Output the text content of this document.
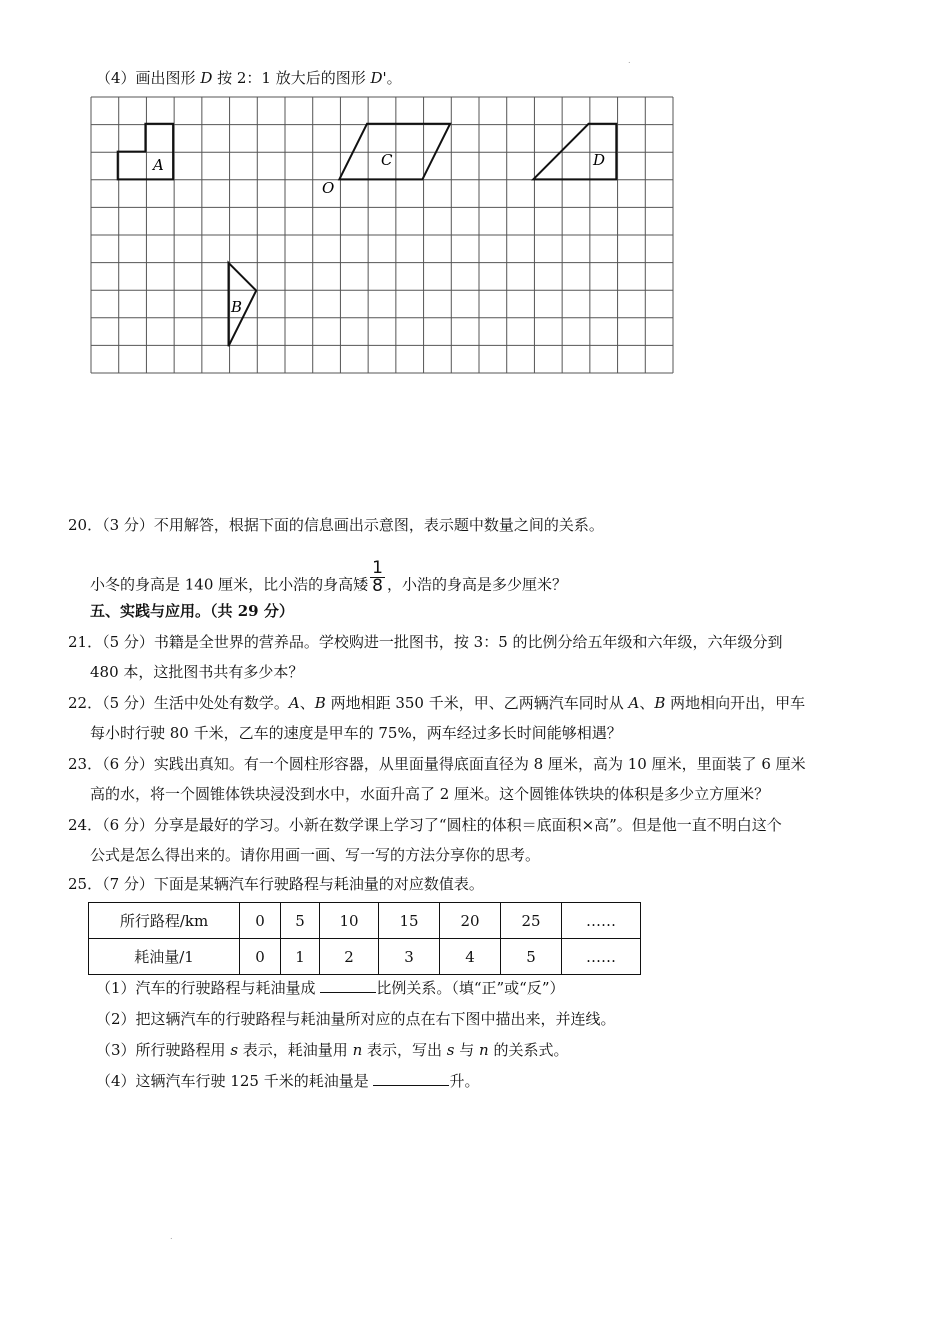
（4）画出图形 D 按 2：1 放大后的图形 D'。
A	C	D
B
O
20．（3 分）不用解答，根据下面的信息画出示意图，表示题中数量之间的关系。
小冬的身高是 140 厘米，比小浩的身高矮 $\frac{1}{8}$ ，小浩的身高是多少厘米？
五、实践与应用。（共 29 分）
21．（5 分）书籍是全世界的营养品。学校购进一批图书，按 3：5 的比例分给五年级和六年级，六年级分到
480 本，这批图书共有多少本？
22．（5 分）生活中处处有数学。A、B 两地相距 350 千米，甲、乙两辆汽车同时从 A、B 两地相向开出，甲车
每小时行驶 80 千米，乙车的速度是甲车的 75%，两车经过多长时间能够相遇？
23．（6 分）实践出真知。有一个圆柱形容器，从里面量得底面直径为 8 厘米，高为 10 厘米，里面装了 6 厘米
高的水，将一个圆锥体铁块浸没到水中，水面升高了 2 厘米。这个圆锥体铁块的体积是多少立方厘米？
24．（6 分）分享是最好的学习。小新在数学课上学习了“圆柱的体积＝底面积×高”。但是他一直不明白这个
公式是怎么得出来的。请你用画一画、写一写的方法分享你的思考。
25．（7 分）下面是某辆汽车行驶路程与耗油量的对应数值表。
所行路程/km	0	5	10	15	20	25	……
耗油量/1	0	1	2	3	4	5	……
（1）汽车的行驶路程与耗油量成	比例关系。（填“正”或“反”）
（2）把这辆汽车的行驶路程与耗油量所对应的点在右下图中描出来，并连线。
（3）所行驶路程用 s 表示，耗油量用 n 表示，写出 s 与 n 的关系式。
（4）这辆汽车行驶 125 千米的耗油量是	升。
.
.
